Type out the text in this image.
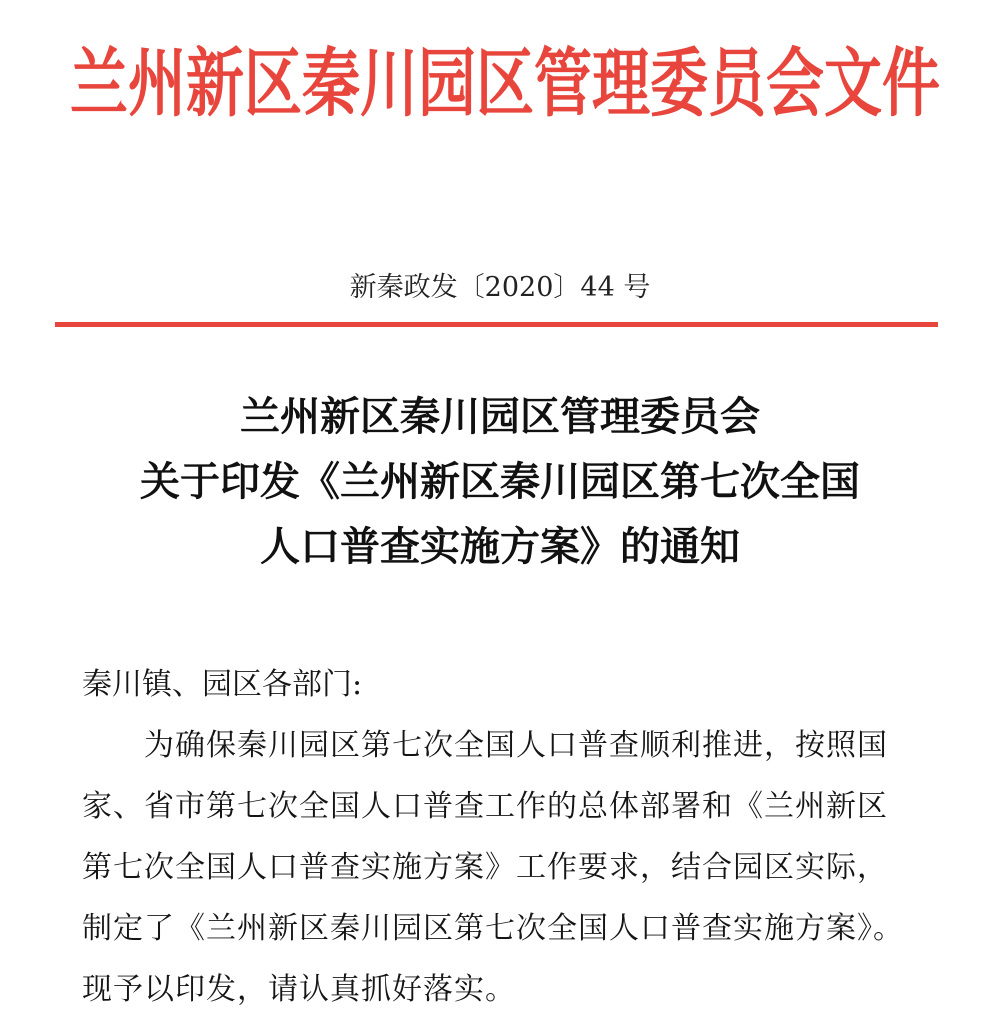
兰州新区秦川园区管理委员会文件
新秦政发〔2020〕44 号
兰州新区秦川园区管理委员会
关于印发《兰州新区秦川园区第七次全国
人口普查实施方案》的通知
秦川镇、园区各部门:
为确保秦川园区第七次全国人口普查顺利推进，按照国
家、省市第七次全国人口普查工作的总体部署和《兰州新区
第七次全国人口普查实施方案》工作要求，结合园区实际，
制定了《兰州新区秦川园区第七次全国人口普查实施方案》。
现予以印发，请认真抓好落实。
